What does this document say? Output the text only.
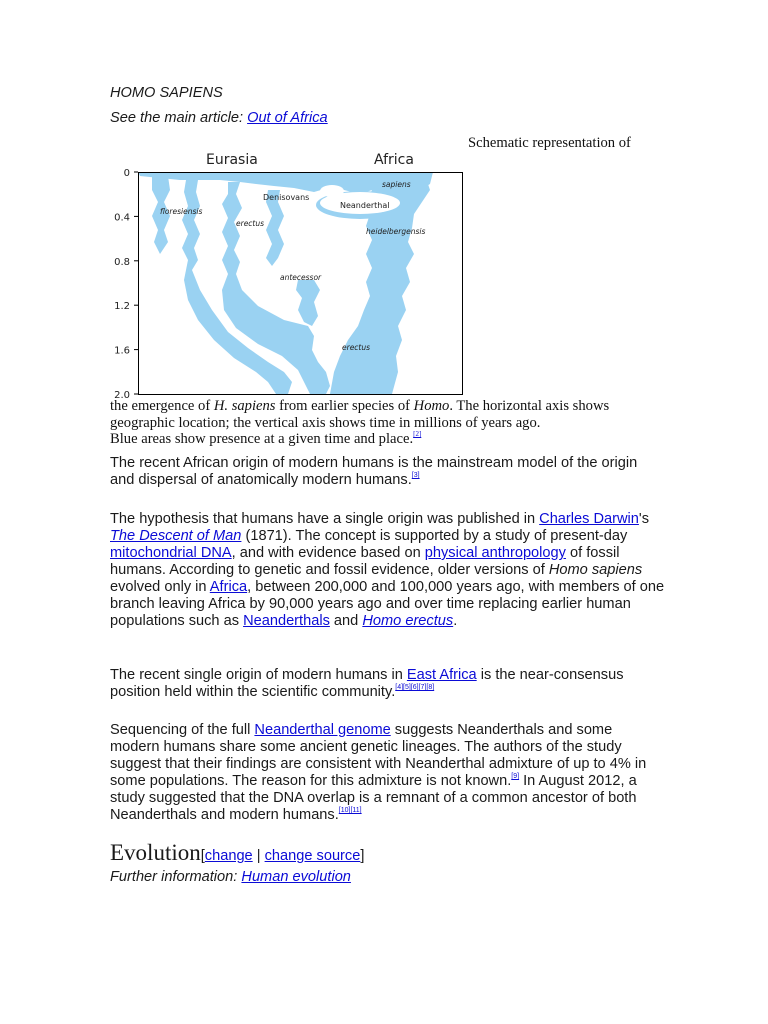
HOMO SAPIENS
See the main article: Out of Africa
Schematic representation of
Eurasia	Africa
0
0.4
0.8
1.2
1.6
2.0
floresiensis
erectus
Denisovans
Neanderthal
sapiens
heidelbergensis
antecessor
erectus
the emergence of H. sapiens from earlier species of Homo. The horizontal axis shows
geographic location; the vertical axis shows time in millions of years ago.
Blue areas show presence at a given time and place.[2]

The recent African origin of modern humans is the mainstream model of the origin and dispersal of anatomically modern humans.[3]

The hypothesis that humans have a single origin was published in Charles Darwin's The Descent of Man (1871). The concept is supported by a study of present-day mitochondrial DNA, and with evidence based on physical anthropology of fossil humans. According to genetic and fossil evidence, older versions of Homo sapiens evolved only in Africa, between 200,000 and 100,000 years ago, with members of one branch leaving Africa by 90,000 years ago and over time replacing earlier human populations such as Neanderthals and Homo erectus.

The recent single origin of modern humans in East Africa is the near-consensus position held within the scientific community.[4][5][6][7][8]

Sequencing of the full Neanderthal genome suggests Neanderthals and some modern humans share some ancient genetic lineages. The authors of the study suggest that their findings are consistent with Neanderthal admixture of up to 4% in some populations. The reason for this admixture is not known.[9] In August 2012, a study suggested that the DNA overlap is a remnant of a common ancestor of both Neanderthals and modern humans.[10][11]

Evolution[change | change source]
Further information: Human evolution
